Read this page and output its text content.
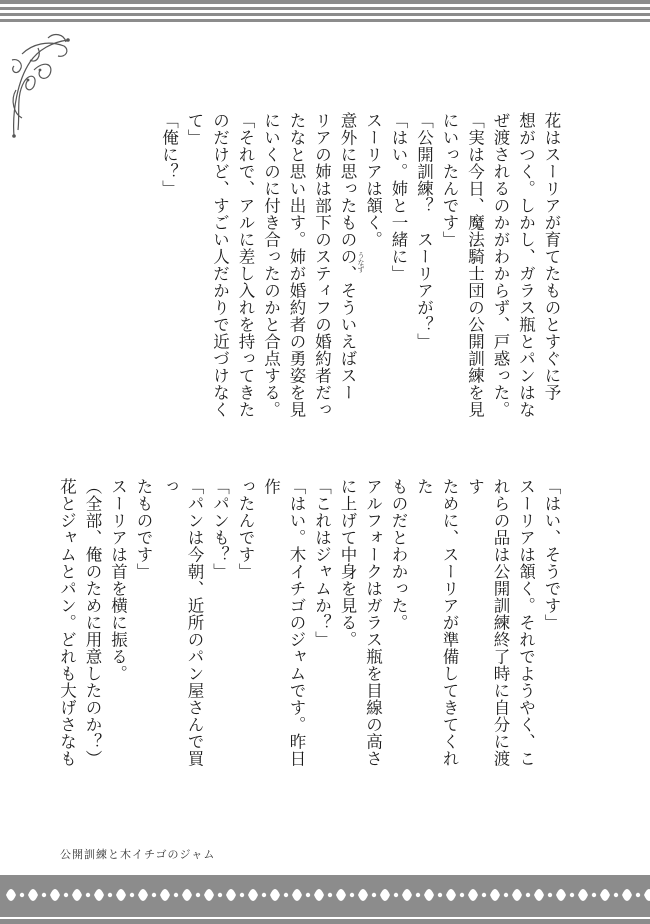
花はスーリアが育てたものとすぐに予

想がつく。しかし、ガラス瓶とパンはな

ぜ渡されるのかがわからず、戸惑った。

「実は今日、魔法騎士団の公開訓練を見

にいったんです」

「公開訓練？　スーリアが？」

「はい。姉と一緒に」

スーリアは頷く。

意外に思ったものの、そういえばスー

リアの姉は部下のスティフの婚約者だっ

たなと思い出す。姉が婚約者の勇姿を見

にいくのに付き合ったのかと合点する。

「それで、アルに差し入れを持ってきた

のだけど、すごい人だかりで近づけなく

て」

「俺に？」

うなず

「はい、そうです」

スーリアは頷く。それでようやく、こ

れらの品は公開訓練終了時に自分に渡す

ために、スーリアが準備してきてくれた

ものだとわかった。

アルフォークはガラス瓶を目線の高さ

に上げて中身を見る。

「これはジャムか？」

「はい。木イチゴのジャムです。昨日作

ったんです」

「パンも？」

「パンは今朝、近所のパン屋さんで買っ

たものです」

スーリアは首を横に振る。

（全部、俺のために用意したのか？）

花とジャムとパン。どれも大げさなも

公開訓練と木イチゴのジャム
